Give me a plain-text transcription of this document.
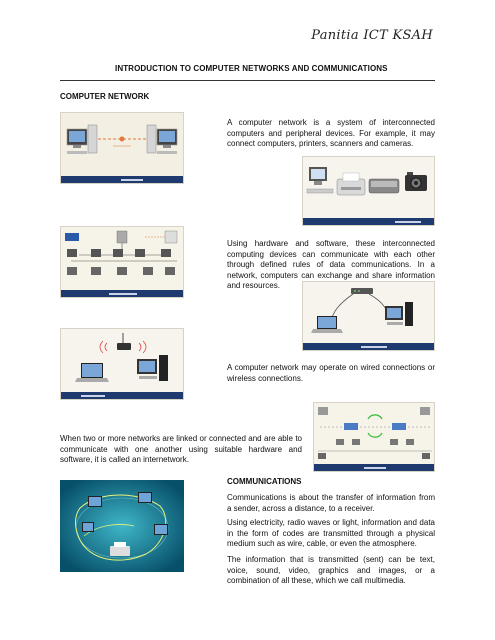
Panitia ICT KSAH
INTRODUCTION TO COMPUTER NETWORKS AND COMMUNICATIONS
COMPUTER NETWORK
A computer network is a system of interconnected computers and peripheral devices. For example, it may connect computers, printers, scanners and cameras.
Using hardware and software, these interconnected computing devices can communicate with each other through defined rules of data communications. In a network, computers can exchange and share information and resources.
A computer network may operate on wired connections or wireless connections.
When two or more networks are linked or connected and are able to communicate with one another using suitable hardware and software, it is called an internetwork.
COMMUNICATIONS
Communications is about the transfer of information from a sender, across a distance, to a receiver.
Using electricity, radio waves or light, information and data in the form of codes are transmitted through a physical medium such as wire, cable, or even the atmosphere.
The information that is transmitted (sent) can be text, voice, sound, video, graphics and images, or a combination of all these, which we call multimedia.
